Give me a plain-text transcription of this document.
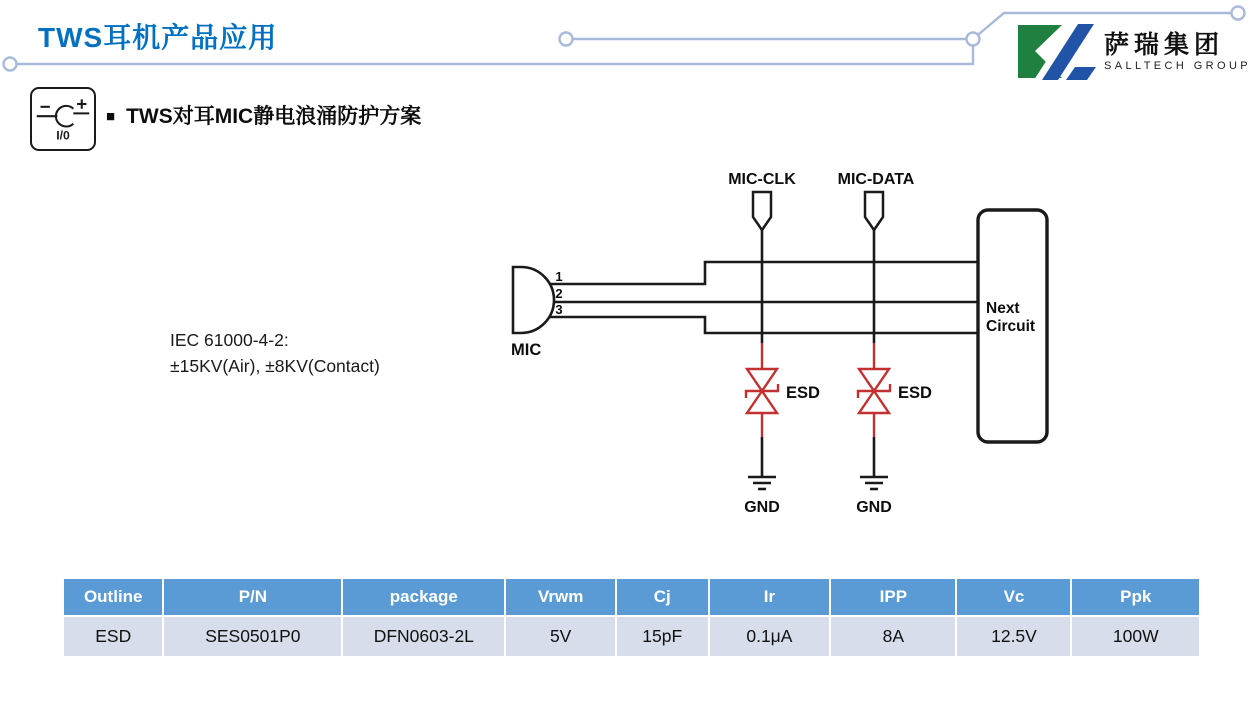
TWS耳机产品应用	萨瑞集团
SALLTECH GROUP
I/0
■ TWS对耳MIC静电浪涌防护方案
IEC 61000-4-2:
±15KV(Air), ±8KV(Contact)
1
2
3
MIC
MIC-CLK	MIC-DATA
ESD	ESD
GND	GND
Next
Circuit
Outline	P/N	package	Vrwm	Cj	Ir	IPP	Vc	Ppk
ESD	SES0501P0	DFN0603-2L	5V	15pF	0.1μA	8A	12.5V	100W
